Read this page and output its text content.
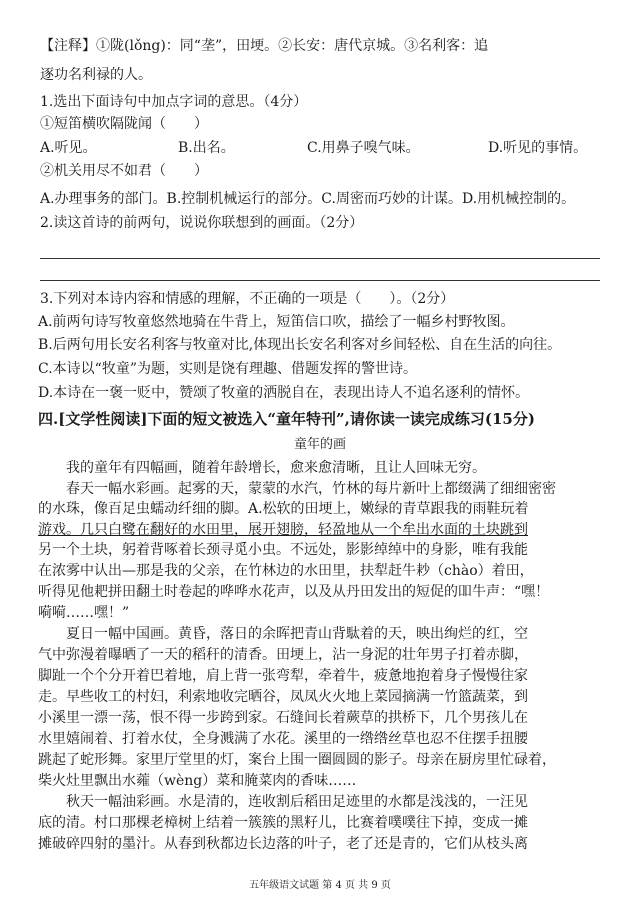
【注释】①陇(lǒng)：同“垄”，田埂。②长安：唐代京城。③名利客：追
逐功名利禄的人。
1.选出下面诗句中加点字词的意思。（4分）
①短笛横吹隔陇闻（　　）
A.听见。	B.出名。	C.用鼻子嗅气味。	D.听见的事情。
②机关用尽不如君（　　）
A.办理事务的部门。B.控制机械运行的部分。C.周密而巧妙的计谋。D.用机械控制的。
2.读这首诗的前两句，说说你联想到的画面。（2分）
3.下列对本诗内容和情感的理解，不正确的一项是（　　）。（2分）
A.前两句诗写牧童悠然地骑在牛背上，短笛信口吹，描绘了一幅乡村野牧图。
B.后两句用长安名利客与牧童对比,体现出长安名利客对乡间轻松、自在生活的向往。
C.本诗以“牧童”为题，实则是饶有理趣、借题发挥的警世诗。
D.本诗在一褒一贬中，赞颂了牧童的洒脱自在，表现出诗人不追名逐利的情怀。
四.[文学性阅读]下面的短文被选入“童年特刊”,请你读一读完成练习(15分)
童年的画
　　我的童年有四幅画，随着年龄增长，愈来愈清晰，且让人回味无穷。
　　春天一幅水彩画。起雾的天，蒙蒙的水汽，竹林的每片新叶上都缀满了细细密密
的水珠，像百足虫蠕动纤细的脚。A.松软的田埂上，嫩绿的青草跟我的雨鞋玩着
游戏。几只白鹭在翻好的水田里，展开翅膀，轻盈地从一个牟出水面的土块跳到
另一个土块，躬着背啄着长颈寻觅小虫。不远处，影影绰绰中的身影，唯有我能
在浓雾中认出—那是我的父亲，在竹林边的水田里，扶犁赶牛耖（chào）着田，
听得见他耙拼田翻土时卷起的哗哗水花声，以及从丹田发出的短促的吅牛声：“嘿！
嗬嗬……嘿！”
　　夏日一幅中国画。黄昏，落日的余晖把青山背駄着的天，映出绚烂的红，空
气中弥漫着曝晒了一天的稻秆的清香。田埂上，沾一身泥的壮年男子打着赤脚，
脚趾一个个分开着巴着地，肩上背一张弯犁，牵着牛，疲惫地抱着身子慢慢往家
走。早些收工的村妇，利索地收完晒谷，凤凤火火地上菜园摘满一竹篮蔬菜，到
小溪里一漂一荡，恨不得一步跨到家。石缝间长着蕨草的拱桥下，几个男孩儿在
水里嬉闹着、打着水仗，全身溅满了水花。溪里的一绺绺丝草也忍不住摆手扭腰
跳起了蛇形舞。家里厅堂里的灯，案台上围一圈圆圆的影子。母亲在厨房里忙碌着，
柴火灶里飘出水蕹（wèng）菜和腌菜肉的香味……
　　秋天一幅油彩画。水是清的，连收割后稻田足迹里的水都是浅浅的，一汪见
底的清。村口那棵老樟树上结着一簇簇的黑籽儿，比赛着噗噗往下掉，变成一摊
摊破碎四射的墨汁。从春到秋都边长边落的叶子，老了还是青的，它们从枝头离
五年级语文试题 第 4 页 共 9 页
